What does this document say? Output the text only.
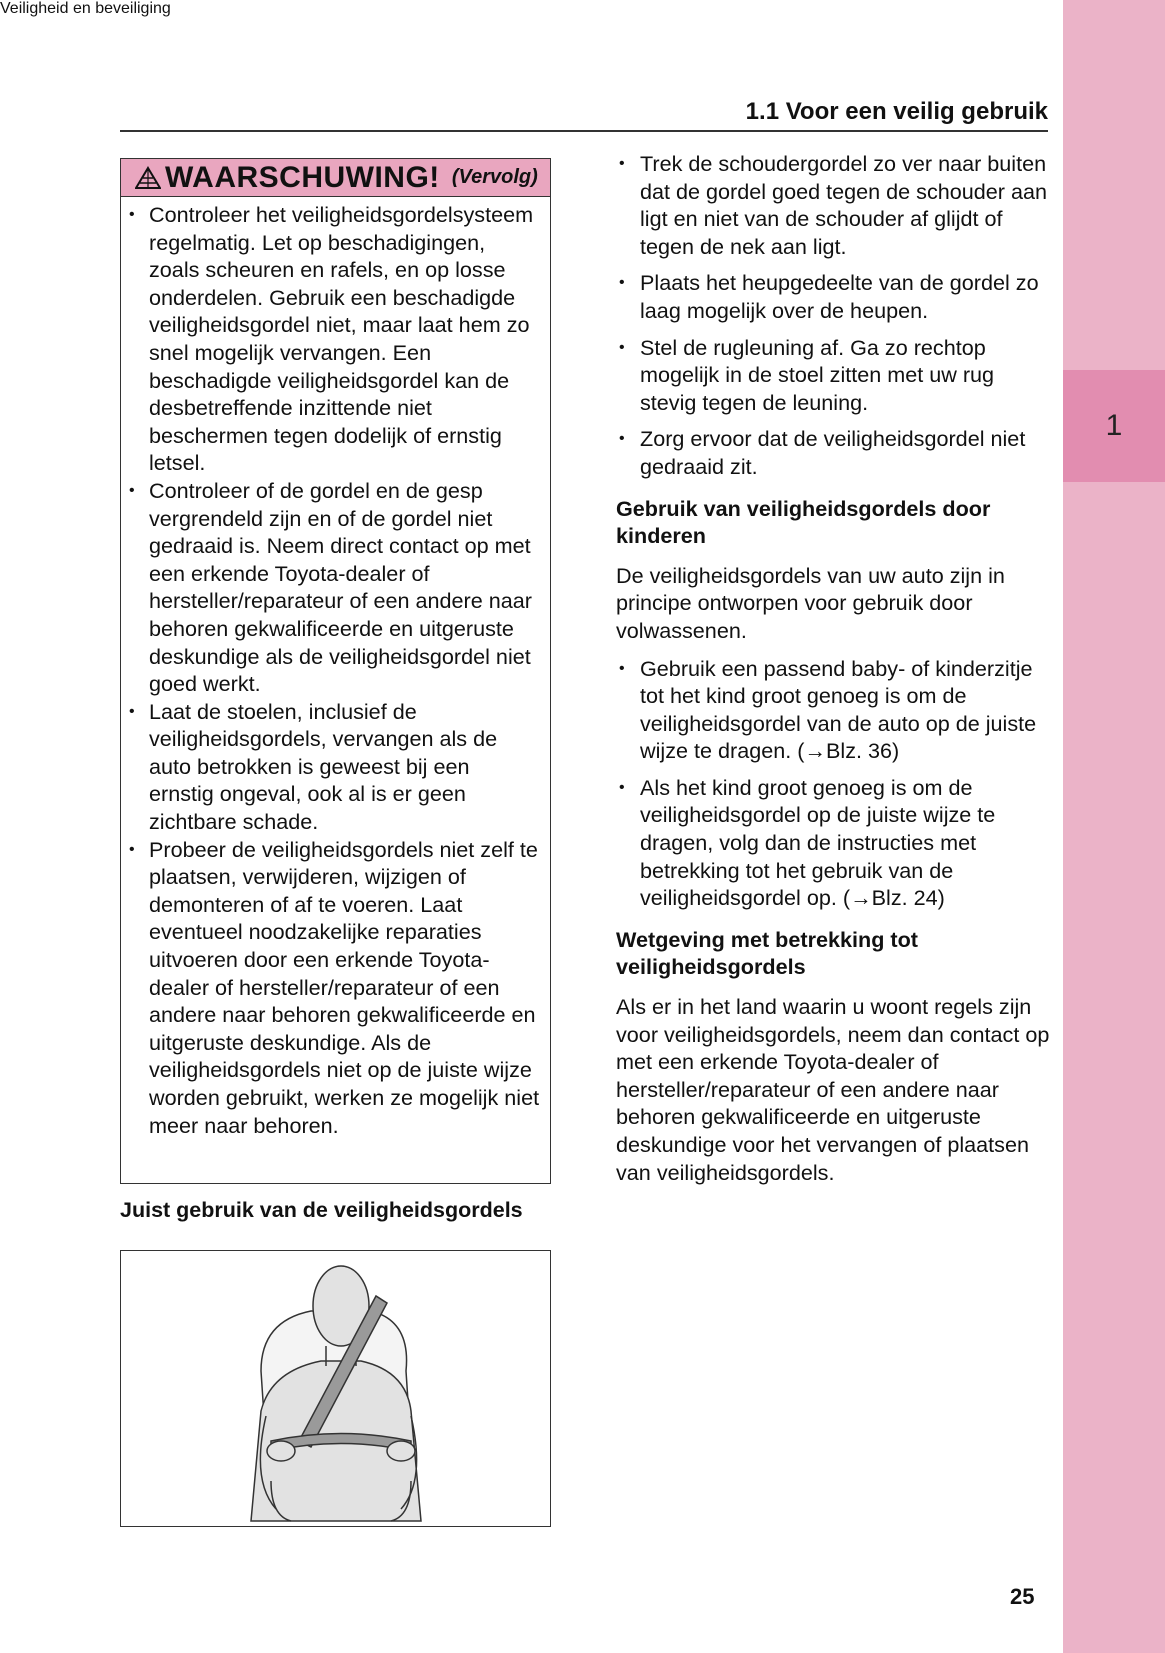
1
Veiligheid en beveiliging
1.1 Voor een veilig gebruik
WAARSCHUWING! (Vervolg)
• Controleer het veiligheidsgordelsysteem regelmatig. Let op beschadigingen, zoals scheuren en rafels, en op losse onderdelen. Gebruik een beschadigde veiligheidsgordel niet, maar laat hem zo snel mogelijk vervangen. Een beschadigde veiligheidsgordel kan de desbetreffende inzittende niet beschermen tegen dodelijk of ernstig letsel.
• Controleer of de gordel en de gesp vergrendeld zijn en of de gordel niet gedraaid is. Neem direct contact op met een erkende Toyota-dealer of hersteller/reparateur of een andere naar behoren gekwalificeerde en uitgeruste deskundige als de veiligheidsgordel niet goed werkt.
• Laat de stoelen, inclusief de veiligheidsgordels, vervangen als de auto betrokken is geweest bij een ernstig ongeval, ook al is er geen zichtbare schade.
• Probeer de veiligheidsgordels niet zelf te plaatsen, verwijderen, wijzigen of demonteren of af te voeren. Laat eventueel noodzakelijke reparaties uitvoeren door een erkende Toyota-dealer of hersteller/reparateur of een andere naar behoren gekwalificeerde en uitgeruste deskundige. Als de veiligheidsgordels niet op de juiste wijze worden gebruikt, werken ze mogelijk niet meer naar behoren.
Juist gebruik van de veiligheidsgordels
• Trek de schoudergordel zo ver naar buiten dat de gordel goed tegen de schouder aan ligt en niet van de schouder af glijdt of tegen de nek aan ligt.
• Plaats het heupgedeelte van de gordel zo laag mogelijk over de heupen.
• Stel de rugleuning af. Ga zo rechtop mogelijk in de stoel zitten met uw rug stevig tegen de leuning.
• Zorg ervoor dat de veiligheidsgordel niet gedraaid zit.
Gebruik van veiligheidsgordels door kinderen

De veiligheidsgordels van uw auto zijn in principe ontworpen voor gebruik door volwassenen.

• Gebruik een passend baby- of kinderzitje tot het kind groot genoeg is om de veiligheidsgordel van de auto op de juiste wijze te dragen. (→Blz. 36)
• Als het kind groot genoeg is om de veiligheidsgordel op de juiste wijze te dragen, volg dan de instructies met betrekking tot het gebruik van de veiligheidsgordel op. (→Blz. 24)
Wetgeving met betrekking tot veiligheidsgordels

Als er in het land waarin u woont regels zijn voor veiligheidsgordels, neem dan contact op met een erkende Toyota-dealer of hersteller/reparateur of een andere naar behoren gekwalificeerde en uitgeruste deskundige voor het vervangen of plaatsen van veiligheidsgordels.

25
